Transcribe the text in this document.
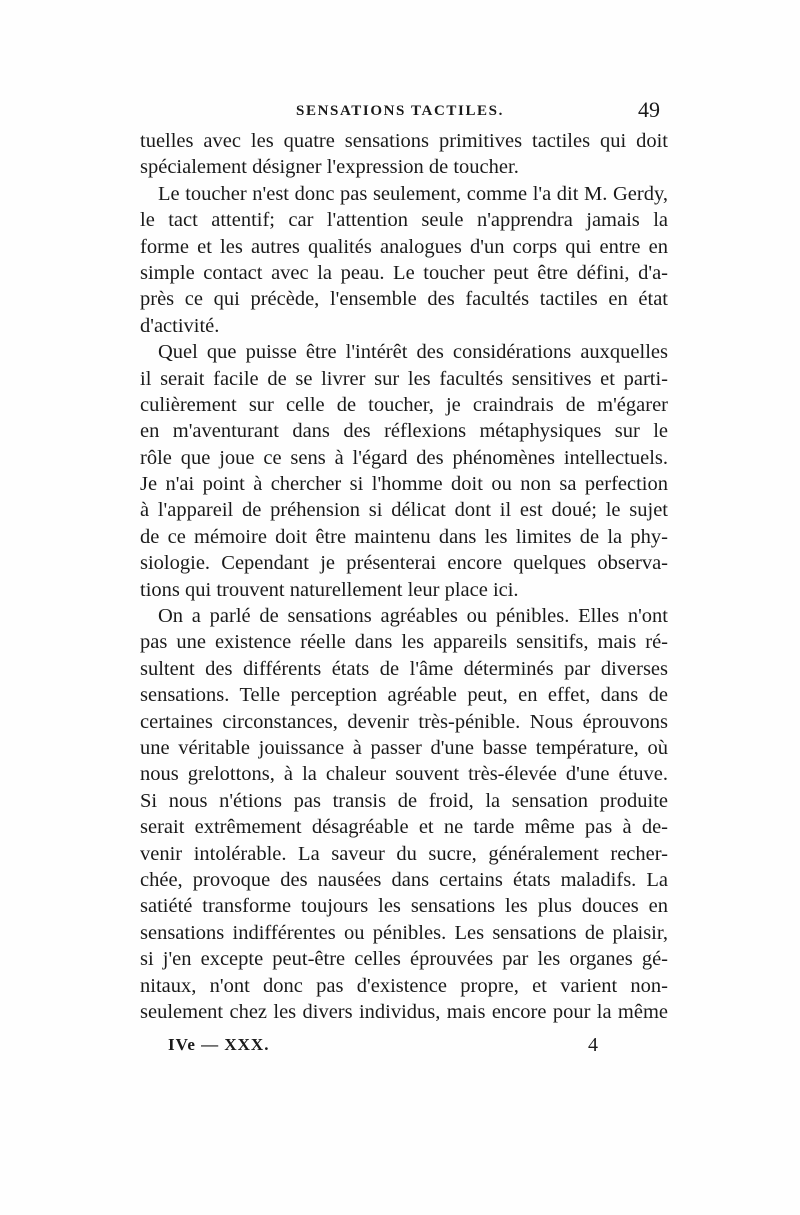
SENSATIONS TACTILES.	49
tuelles avec les quatre sensations primitives tactiles qui doit
spécialement désigner l'expression de toucher.
Le toucher n'est donc pas seulement, comme l'a dit M. Gerdy,
le tact attentif; car l'attention seule n'apprendra jamais la
forme et les autres qualités analogues d'un corps qui entre en
simple contact avec la peau. Le toucher peut être défini, d'a-
près ce qui précède, l'ensemble des facultés tactiles en état
d'activité.
Quel que puisse être l'intérêt des considérations auxquelles
il serait facile de se livrer sur les facultés sensitives et parti-
culièrement sur celle de toucher, je craindrais de m'égarer
en m'aventurant dans des réflexions métaphysiques sur le
rôle que joue ce sens à l'égard des phénomènes intellectuels.
Je n'ai point à chercher si l'homme doit ou non sa perfection
à l'appareil de préhension si délicat dont il est doué; le sujet
de ce mémoire doit être maintenu dans les limites de la phy-
siologie. Cependant je présenterai encore quelques observa-
tions qui trouvent naturellement leur place ici.
On a parlé de sensations agréables ou pénibles. Elles n'ont
pas une existence réelle dans les appareils sensitifs, mais ré-
sultent des différents états de l'âme déterminés par diverses
sensations. Telle perception agréable peut, en effet, dans de
certaines circonstances, devenir très-pénible. Nous éprouvons
une véritable jouissance à passer d'une basse température, où
nous grelottons, à la chaleur souvent très-élevée d'une étuve.
Si nous n'étions pas transis de froid, la sensation produite
serait extrêmement désagréable et ne tarde même pas à de-
venir intolérable. La saveur du sucre, généralement recher-
chée, provoque des nausées dans certains états maladifs. La
satiété transforme toujours les sensations les plus douces en
sensations indifférentes ou pénibles. Les sensations de plaisir,
si j'en excepte peut-être celles éprouvées par les organes gé-
nitaux, n'ont donc pas d'existence propre, et varient non-
seulement chez les divers individus, mais encore pour la même
IVe — XXX.	4
